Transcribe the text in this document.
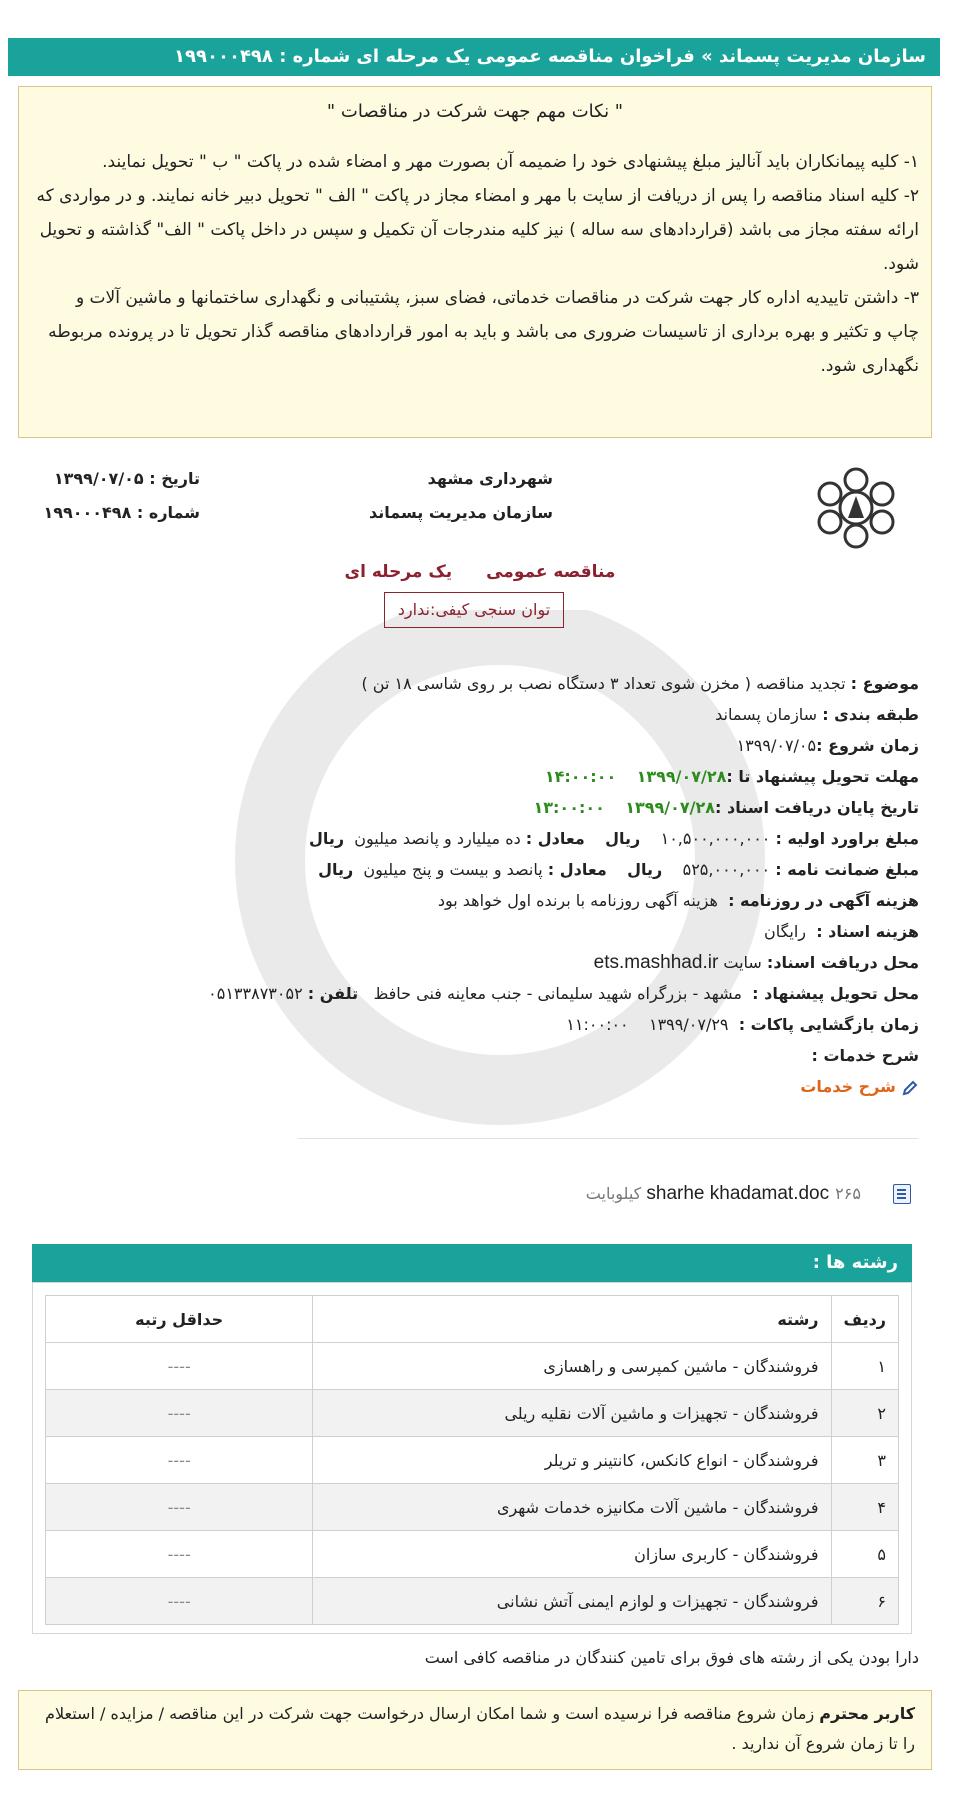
سازمان مدیریت پسماند » فراخوان مناقصه عمومی یک مرحله ای شماره : ۱۹۹۰۰۰۴۹۸
" نکات مهم جهت شرکت در مناقصات "

۱- کلیه پیمانکاران باید آنالیز مبلغ پیشنهادی خود را ضمیمه آن بصورت مهر و امضاء شده در پاکت " ب " تحویل نمایند.

۲- کلیه اسناد مناقصه را پس از دریافت از سایت با مهر و امضاء مجاز در پاکت " الف " تحویل دبیر خانه نمایند. و در مواردی که

ارائه سفته مجاز می باشد (قراردادهای سه ساله ) نیز کلیه مندرجات آن تکمیل و سپس در داخل پاکت " الف" گذاشته و تحویل

شود.

۳- داشتن تاییدیه اداره کار جهت شرکت در مناقصات خدماتی، فضای سبز، پشتیبانی و نگهداری ساختمانها و ماشین آلات و

چاپ و تکثیر و بهره برداری از تاسیسات ضروری می باشد و باید به امور قراردادهای مناقصه گذار تحویل تا در پرونده مربوطه

نگهداری شود.

شهرداری مشهد
سازمان مدیریت پسماند
تاریخ : ۱۳۹۹/۰۷/۰۵
شماره : ۱۹۹۰۰۰۴۹۸
مناقصه عمومی یک مرحله ای
توان سنجی کیفی:ندارد
موضوع : تجدید مناقصه ( مخزن شوی تعداد ۳ دستگاه نصب بر روی شاسی ۱۸ تن )
طبقه بندی : سازمان پسماند
زمان شروع :۱۳۹۹/۰۷/۰۵
مهلت تحویل پیشنهاد تا :۱۳۹۹/۰۷/۲۸    ۱۴:۰۰:۰۰
تاریخ پایان دریافت اسناد :۱۳۹۹/۰۷/۲۸    ۱۳:۰۰:۰۰
مبلغ براورد اولیه : ۱۰,۵۰۰,۰۰۰,۰۰۰    ریال    معادل : ده میلیارد و پانصد میلیون  ریال
مبلغ ضمانت نامه : ۵۲۵,۰۰۰,۰۰۰    ریال    معادل : پانصد و بیست و پنج میلیون  ریال
هزینه آگهی در روزنامه :  هزینه آگهی روزنامه با برنده اول خواهد بود
هزینه اسناد :  رایگان
محل دریافت اسناد: سایت ets.mashhad.ir
محل تحویل پیشنهاد :  مشهد - بزرگراه شهید سلیمانی - جنب معاینه فنی حافظ   تلفن : ۰۵۱۳۳۸۷۳۰۵۲
زمان بازگشایی پاکات :  ۱۳۹۹/۰۷/۲۹    ۱۱:۰۰:۰۰
شرح خدمات :
شرح خدمات
sharhe khadamat.doc ۲۶۵ کیلوبایت
رشته ها :
ردیف	رشته	حداقل رتبه
۱	فروشندگان - ماشین کمپرسی و راهسازی	----
۲	فروشندگان - تجهیزات و ماشین آلات نقلیه ریلی	----
۳	فروشندگان - انواع کانکس، کانتینر و تریلر	----
۴	فروشندگان - ماشین آلات مکانیزه خدمات شهری	----
۵	فروشندگان - کاربری سازان	----
۶	فروشندگان - تجهیزات و لوازم ایمنی آتش نشانی	----
دارا بودن یکی از رشته های فوق برای تامین کنندگان در مناقصه کافی است
کاربر محترم زمان شروع مناقصه فرا نرسیده است و شما امکان ارسال درخواست جهت شرکت در این مناقصه / مزایده / استعلام را تا زمان شروع آن ندارید .
